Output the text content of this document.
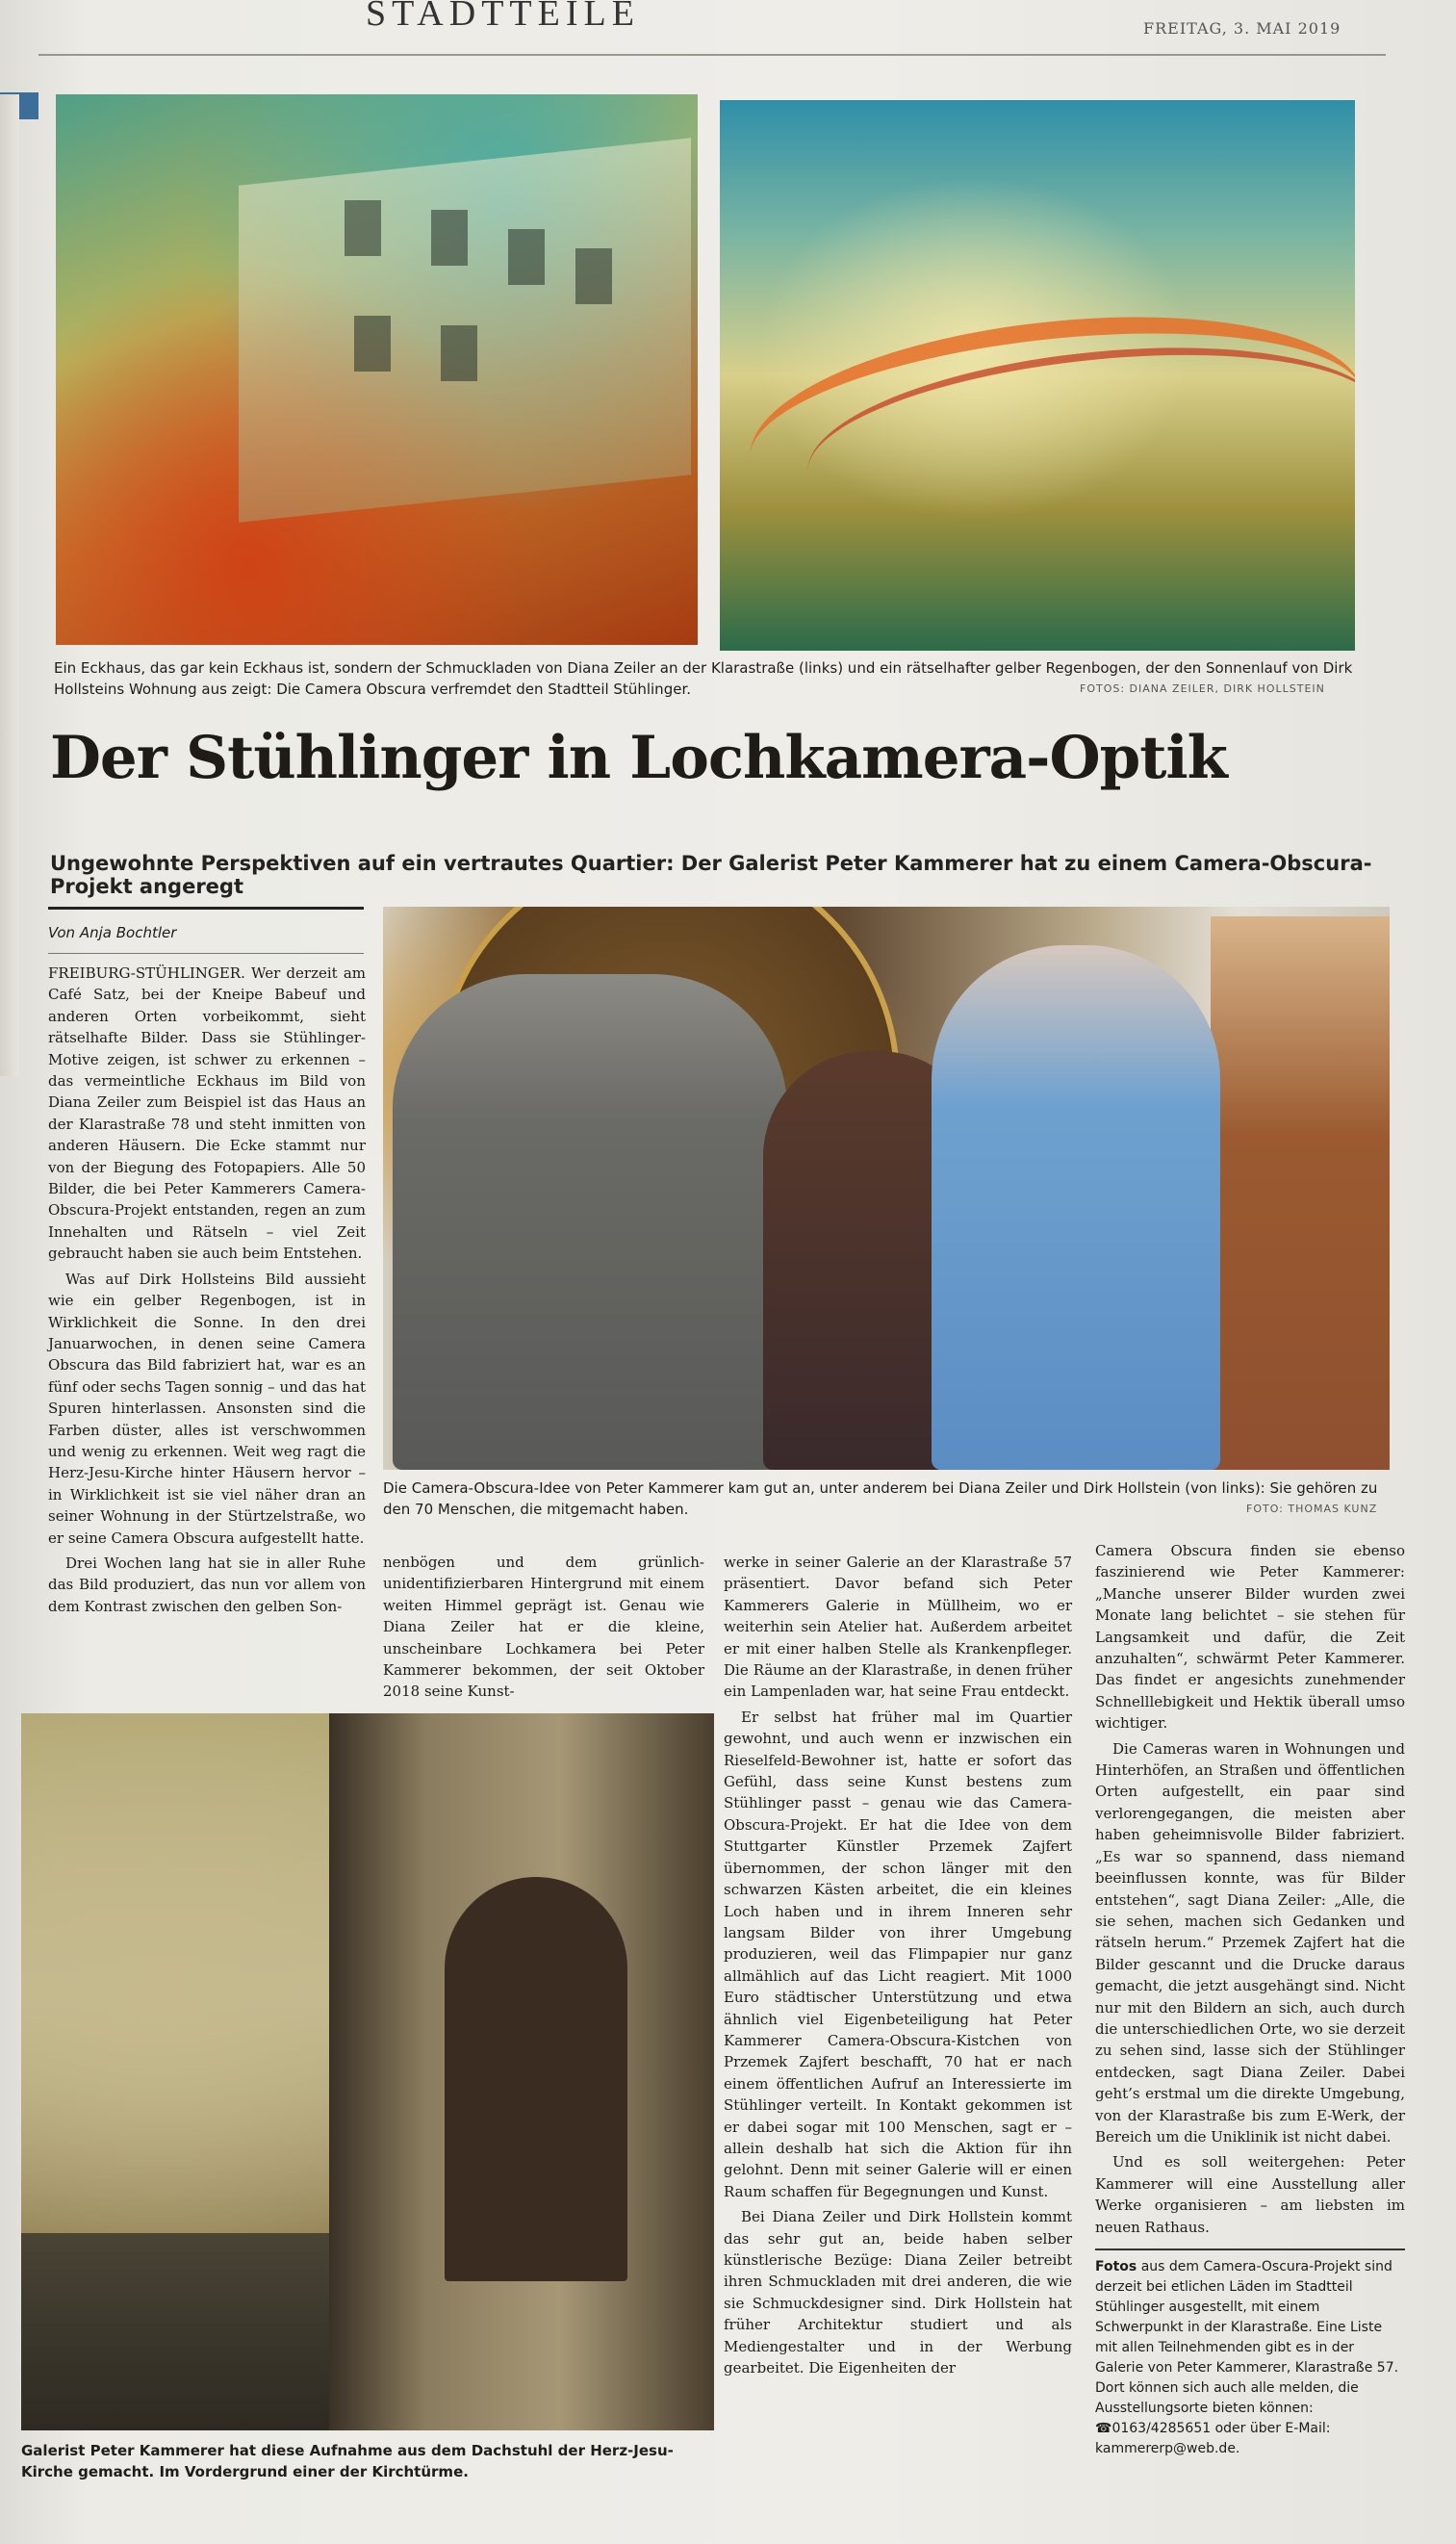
STADTTEILE	FREITAG, 3. MAI 2019
Ein Eckhaus, das gar kein Eckhaus ist, sondern der Schmuckladen von Diana Zeiler an der Klarastraße (links) und ein rätselhafter gelber Regenbogen, der den Sonnenlauf von Dirk Hollsteins Wohnung aus zeigt: Die Camera Obscura verfremdet den Stadtteil Stühlinger.	FOTOS: DIANA ZEILER, DIRK HOLLSTEIN
Der Stühlinger in Lochkamera-Optik
Ungewohnte Perspektiven auf ein vertrautes Quartier: Der Galerist Peter Kammerer hat zu einem Camera-Obscura-Projekt angeregt
Von Anja Bochtler

FREIBURG-STÜHLINGER. Wer derzeit am Café Satz, bei der Kneipe Babeuf und anderen Orten vorbeikommt, sieht rätselhafte Bilder. Dass sie Stühlinger-Motive zeigen, ist schwer zu erkennen – das vermeintliche Eckhaus im Bild von Diana Zeiler zum Beispiel ist das Haus an der Klarastraße 78 und steht inmitten von anderen Häusern. Die Ecke stammt nur von der Biegung des Fotopapiers. Alle 50 Bilder, die bei Peter Kammerers Camera-Obscura-Projekt entstanden, regen an zum Innehalten und Rätseln – viel Zeit gebraucht haben sie auch beim Entstehen.

Was auf Dirk Hollsteins Bild aussieht wie ein gelber Regenbogen, ist in Wirklichkeit die Sonne. In den drei Januarwochen, in denen seine Camera Obscura das Bild fabriziert hat, war es an fünf oder sechs Tagen sonnig – und das hat Spuren hinterlassen. Ansonsten sind die Farben düster, alles ist verschwommen und wenig zu erkennen. Weit weg ragt die Herz-Jesu-Kirche hinter Häusern hervor – in Wirklichkeit ist sie viel näher dran an seiner Wohnung in der Stürtzelstraße, wo er seine Camera Obscura aufgestellt hatte.

Drei Wochen lang hat sie in aller Ruhe das Bild produziert, das nun vor allem von dem Kontrast zwischen den gelben Son-

Die Camera-Obscura-Idee von Peter Kammerer kam gut an, unter anderem bei Diana Zeiler und Dirk Hollstein (von links): Sie gehören zu den 70 Menschen, die mitgemacht haben.	FOTO: THOMAS KUNZ

nenbögen und dem grünlich-unidentifizierbaren Hintergrund mit einem weiten Himmel geprägt ist. Genau wie Diana Zeiler hat er die kleine, unscheinbare Lochkamera bei Peter Kammerer bekommen, der seit Oktober 2018 seine Kunst-

werke in seiner Galerie an der Klarastraße 57 präsentiert. Davor befand sich Peter Kammerers Galerie in Müllheim, wo er weiterhin sein Atelier hat. Außerdem arbeitet er mit einer halben Stelle als Krankenpfleger. Die Räume an der Klarastraße, in denen früher ein Lampenladen war, hat seine Frau entdeckt.

Er selbst hat früher mal im Quartier gewohnt, und auch wenn er inzwischen ein Rieselfeld-Bewohner ist, hatte er sofort das Gefühl, dass seine Kunst bestens zum Stühlinger passt – genau wie das Camera-Obscura-Projekt. Er hat die Idee von dem Stuttgarter Künstler Przemek Zajfert übernommen, der schon länger mit den schwarzen Kästen arbeitet, die ein kleines Loch haben und in ihrem Inneren sehr langsam Bilder von ihrer Umgebung produzieren, weil das Flimpapier nur ganz allmählich auf das Licht reagiert. Mit 1000 Euro städtischer Unterstützung und etwa ähnlich viel Eigenbeteiligung hat Peter Kammerer Camera-Obscura-Kistchen von Przemek Zajfert beschafft, 70 hat er nach einem öffentlichen Aufruf an Interessierte im Stühlinger verteilt. In Kontakt gekommen ist er dabei sogar mit 100 Menschen, sagt er – allein deshalb hat sich die Aktion für ihn gelohnt. Denn mit seiner Galerie will er einen Raum schaffen für Begegnungen und Kunst.

Bei Diana Zeiler und Dirk Hollstein kommt das sehr gut an, beide haben selber künstlerische Bezüge: Diana Zeiler betreibt ihren Schmuckladen mit drei anderen, die wie sie Schmuckdesigner sind. Dirk Hollstein hat früher Architektur studiert und als Mediengestalter und in der Werbung gearbeitet. Die Eigenheiten der

Camera Obscura finden sie ebenso faszinierend wie Peter Kammerer: „Manche unserer Bilder wurden zwei Monate lang belichtet – sie stehen für Langsamkeit und dafür, die Zeit anzuhalten“, schwärmt Peter Kammerer. Das findet er angesichts zunehmender Schnelllebigkeit und Hektik überall umso wichtiger.

Die Cameras waren in Wohnungen und Hinterhöfen, an Straßen und öffentlichen Orten aufgestellt, ein paar sind verlorengegangen, die meisten aber haben geheimnisvolle Bilder fabriziert. „Es war so spannend, dass niemand beeinflussen konnte, was für Bilder entstehen“, sagt Diana Zeiler: „Alle, die sie sehen, machen sich Gedanken und rätseln herum.“ Przemek Zajfert hat die Bilder gescannt und die Drucke daraus gemacht, die jetzt ausgehängt sind. Nicht nur mit den Bildern an sich, auch durch die unterschiedlichen Orte, wo sie derzeit zu sehen sind, lasse sich der Stühlinger entdecken, sagt Diana Zeiler. Dabei geht’s erstmal um die direkte Umgebung, von der Klarastraße bis zum E-Werk, der Bereich um die Uniklinik ist nicht dabei.

Und es soll weitergehen: Peter Kammerer will eine Ausstellung aller Werke organisieren – am liebsten im neuen Rathaus.

Fotos aus dem Camera-Oscura-Projekt sind derzeit bei etlichen Läden im Stadtteil Stühlinger ausgestellt, mit einem Schwerpunkt in der Klarastraße. Eine Liste mit allen Teilnehmenden gibt es in der Galerie von Peter Kammerer, Klarastraße 57. Dort können sich auch alle melden, die Ausstellungsorte bieten können: ☎0163/4285651 oder über E-Mail: kammererp@web.de.
Galerist Peter Kammerer hat diese Aufnahme aus dem Dachstuhl der Herz-Jesu-Kirche gemacht. Im Vordergrund einer der Kirchtürme.
